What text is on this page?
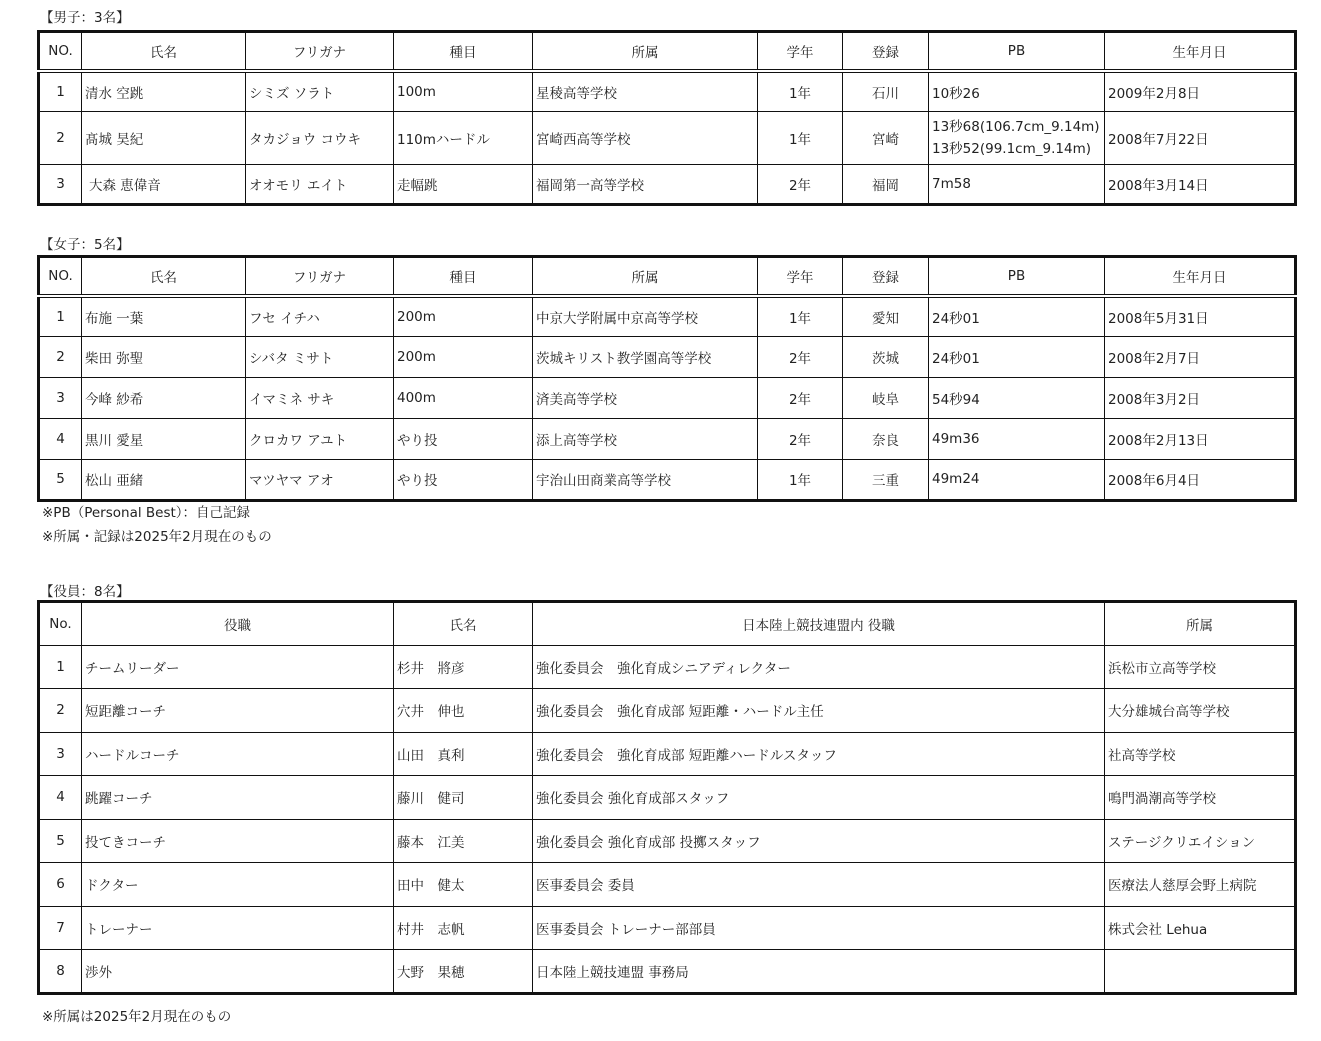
【男子：3名】
NO.	氏名	フリガナ	種目	所属	学年	登録	PB	生年月日
1	清水 空跳	シミズ ソラト	100m	星稜高等学校	1年	石川	10秒26	2009年2月8日
2	髙城 昊紀	タカジョウ コウキ	110mハードル	宮崎西高等学校	1年	宮崎	13秒68(106.7cm_9.14m)
13秒52(99.1cm_9.14m)	2008年7月22日
3	大森 恵偉音	オオモリ エイト	走幅跳	福岡第一高等学校	2年	福岡	7m58	2008年3月14日
【女子：5名】
NO.	氏名	フリガナ	種目	所属	学年	登録	PB	生年月日
1	布施 一葉	フセ イチハ	200m	中京大学附属中京高等学校	1年	愛知	24秒01	2008年5月31日
2	柴田 弥聖	シバタ ミサト	200m	茨城キリスト教学園高等学校	2年	茨城	24秒01	2008年2月7日
3	今峰 紗希	イマミネ サキ	400m	済美高等学校	2年	岐阜	54秒94	2008年3月2日
4	黒川 愛星	クロカワ アユト	やり投	添上高等学校	2年	奈良	49m36	2008年2月13日
5	松山 亜緒	マツヤマ アオ	やり投	宇治山田商業高等学校	1年	三重	49m24	2008年6月4日
※PB（Personal Best）：自己記録
※所属・記録は2025年2月現在のもの
【役員：8名】
No.	役職	氏名	日本陸上競技連盟内 役職	所属
1	チームリーダー	杉井　將彦	強化委員会　強化育成シニアディレクター	浜松市立高等学校
2	短距離コーチ	穴井　伸也	強化委員会　強化育成部 短距離・ハードル主任	大分雄城台高等学校
3	ハードルコーチ	山田　真利	強化委員会　強化育成部 短距離ハードルスタッフ	社高等学校
4	跳躍コーチ	藤川　健司	強化委員会 強化育成部スタッフ	鳴門渦潮高等学校
5	投てきコーチ	藤本　江美	強化委員会 強化育成部 投擲スタッフ	ステージクリエイション
6	ドクター	田中　健太	医事委員会 委員	医療法人慈厚会野上病院
7	トレーナー	村井　志帆	医事委員会 トレーナー部部員	株式会社 Lehua
8	渉外	大野　果穂	日本陸上競技連盟 事務局	
※所属は2025年2月現在のもの
